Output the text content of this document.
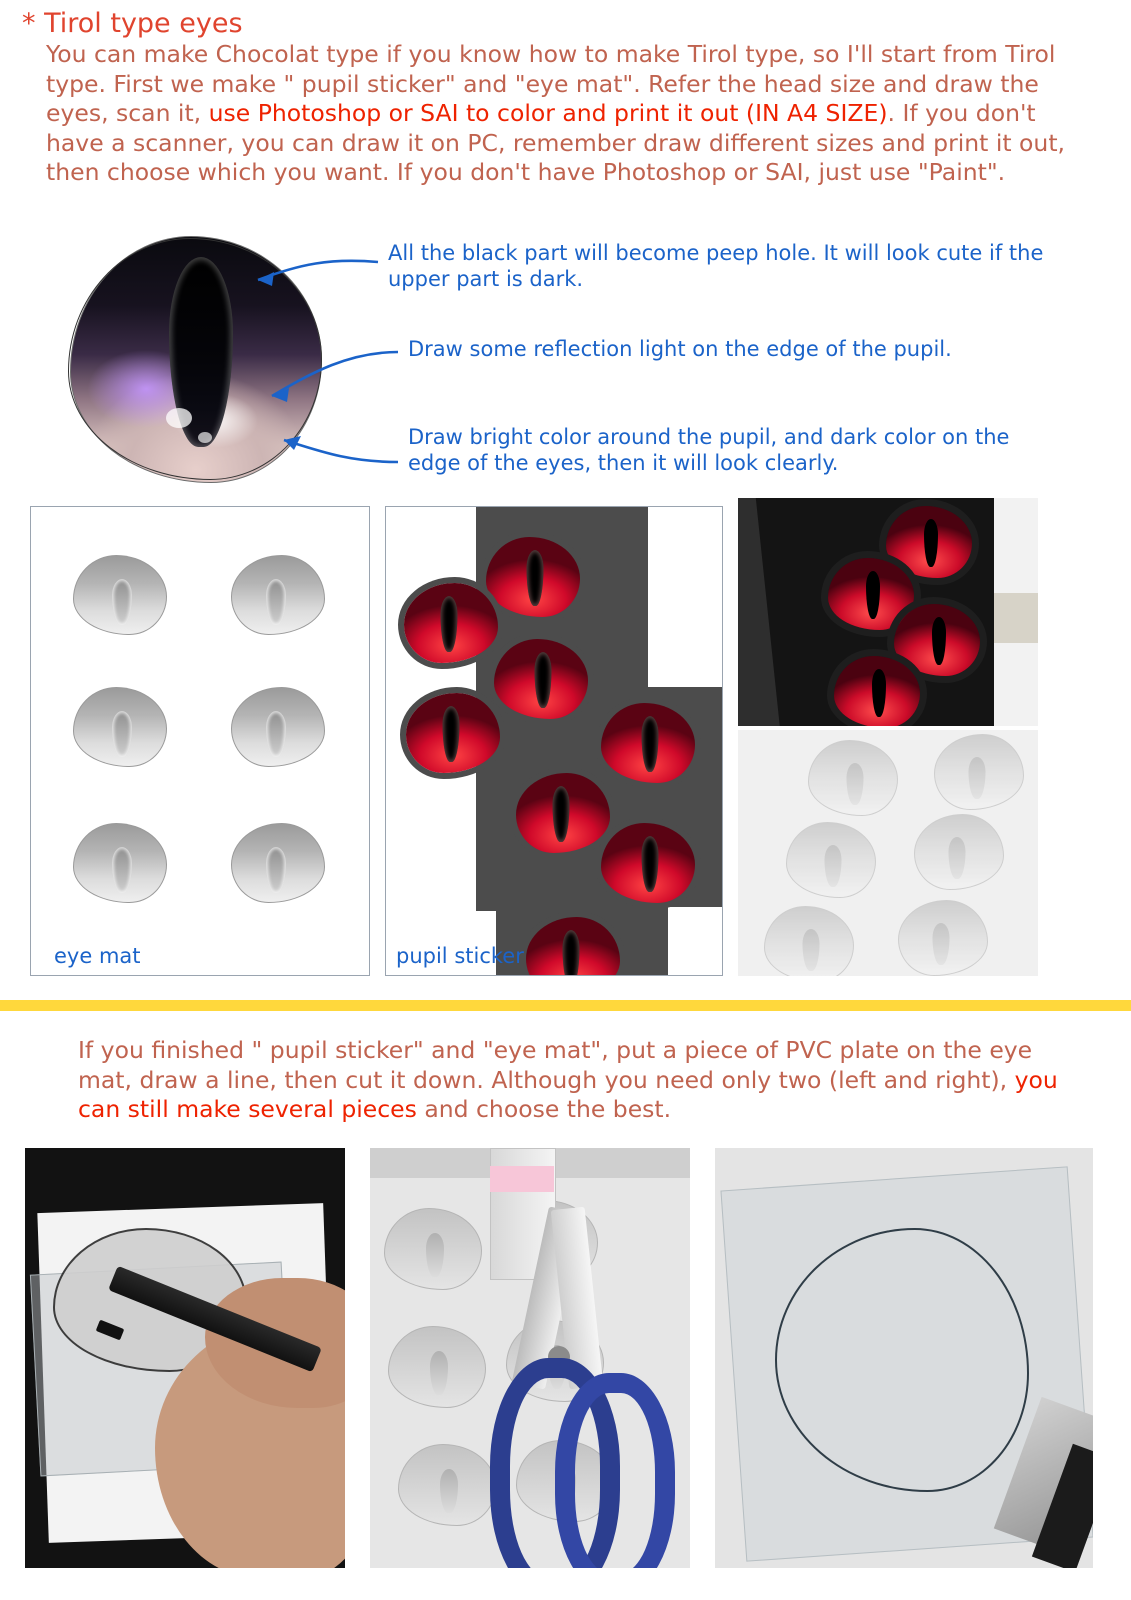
* Tirol type eyes
You can make Chocolat type if you know how to make Tirol type, so I'll start from Tirol type. First we make " pupil sticker" and "eye mat". Refer the head size and draw the eyes, scan it, use Photoshop or SAI to color and print it out (IN A4 SIZE). If you don't have a scanner, you can draw it on PC, remember draw different sizes and print it out, then choose which you want. If you don't have Photoshop or SAI, just use "Paint".
All the black part will become peep hole. It will look cute if the upper part is dark.
Draw some reflection light on the edge of the pupil.
Draw bright color around the pupil, and dark color on the edge of the eyes, then it will look clearly.
eye mat	pupil sticker
If you finished " pupil sticker" and "eye mat", put a piece of PVC plate on the eye mat, draw a line, then cut it down. Although you need only two (left and right), you can still make several pieces and choose the best.
